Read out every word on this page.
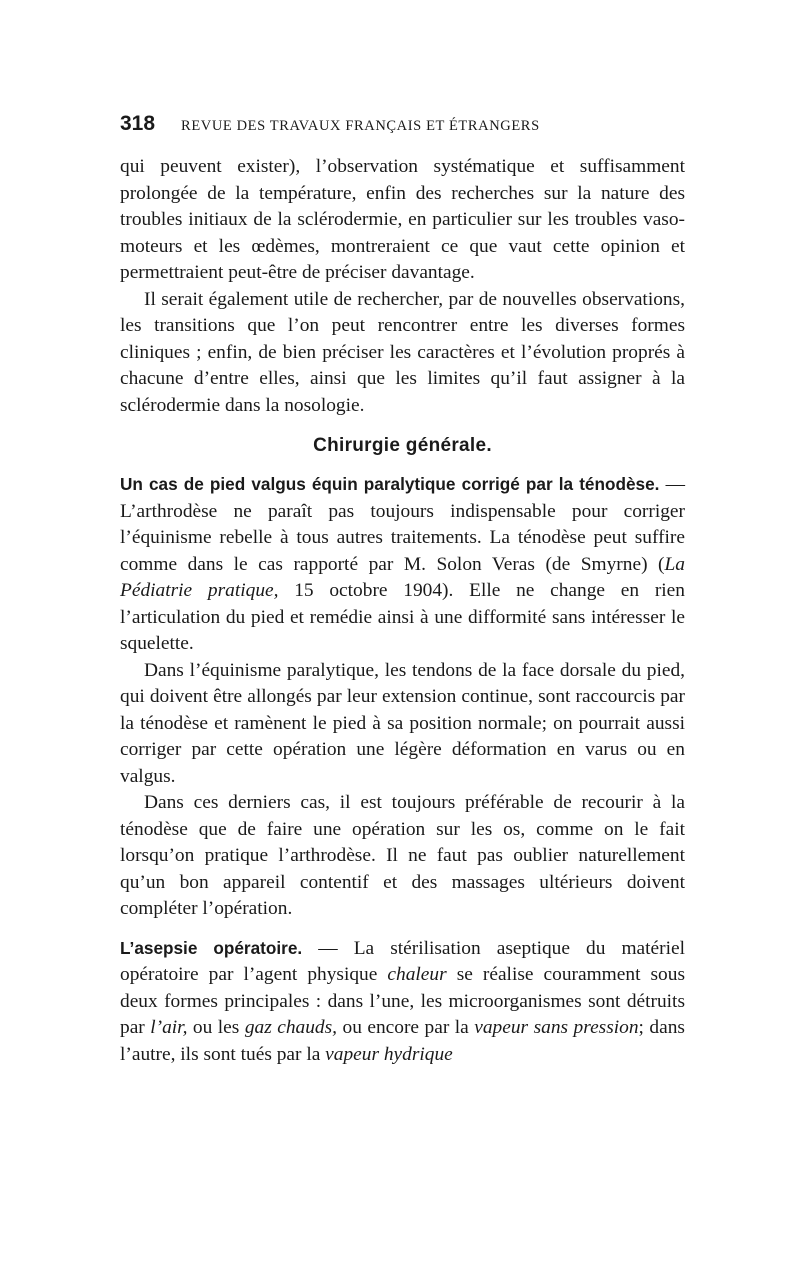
318 REVUE DES TRAVAUX FRANÇAIS ET ÉTRANGERS

qui peuvent exister), l’observation systématique et suffisamment prolongée de la température, enfin des recherches sur la nature des troubles initiaux de la sclérodermie, en particulier sur les troubles vaso-moteurs et les œdèmes, montreraient ce que vaut cette opinion et permettraient peut-être de préciser davantage.

Il serait également utile de rechercher, par de nouvelles observations, les transitions que l’on peut rencontrer entre les diverses formes cliniques ; enfin, de bien préciser les caractères et l’évolution proprés à chacune d’entre elles, ainsi que les limites qu’il faut assigner à la sclérodermie dans la nosologie.

Chirurgie générale.

Un cas de pied valgus équin paralytique corrigé par la ténodèse. — L’arthrodèse ne paraît pas toujours indispensable pour corriger l’équinisme rebelle à tous autres traitements. La ténodèse peut suffire comme dans le cas rapporté par M. Solon Veras (de Smyrne) (La Pédiatrie pratique, 15 octobre 1904). Elle ne change en rien l’articulation du pied et remédie ainsi à une difformité sans intéresser le squelette.

Dans l’équinisme paralytique, les tendons de la face dorsale du pied, qui doivent être allongés par leur extension continue, sont raccourcis par la ténodèse et ramènent le pied à sa position normale; on pourrait aussi corriger par cette opération une légère déformation en varus ou en valgus.

Dans ces derniers cas, il est toujours préférable de recourir à la ténodèse que de faire une opération sur les os, comme on le fait lorsqu’on pratique l’arthrodèse. Il ne faut pas oublier naturellement qu’un bon appareil contentif et des massages ultérieurs doivent compléter l’opération.

L’asepsie opératoire. — La stérilisation aseptique du matériel opératoire par l’agent physique chaleur se réalise couramment sous deux formes principales : dans l’une, les microorganismes sont détruits par l’air, ou les gaz chauds, ou encore par la vapeur sans pression; dans l’autre, ils sont tués par la vapeur hydrique
